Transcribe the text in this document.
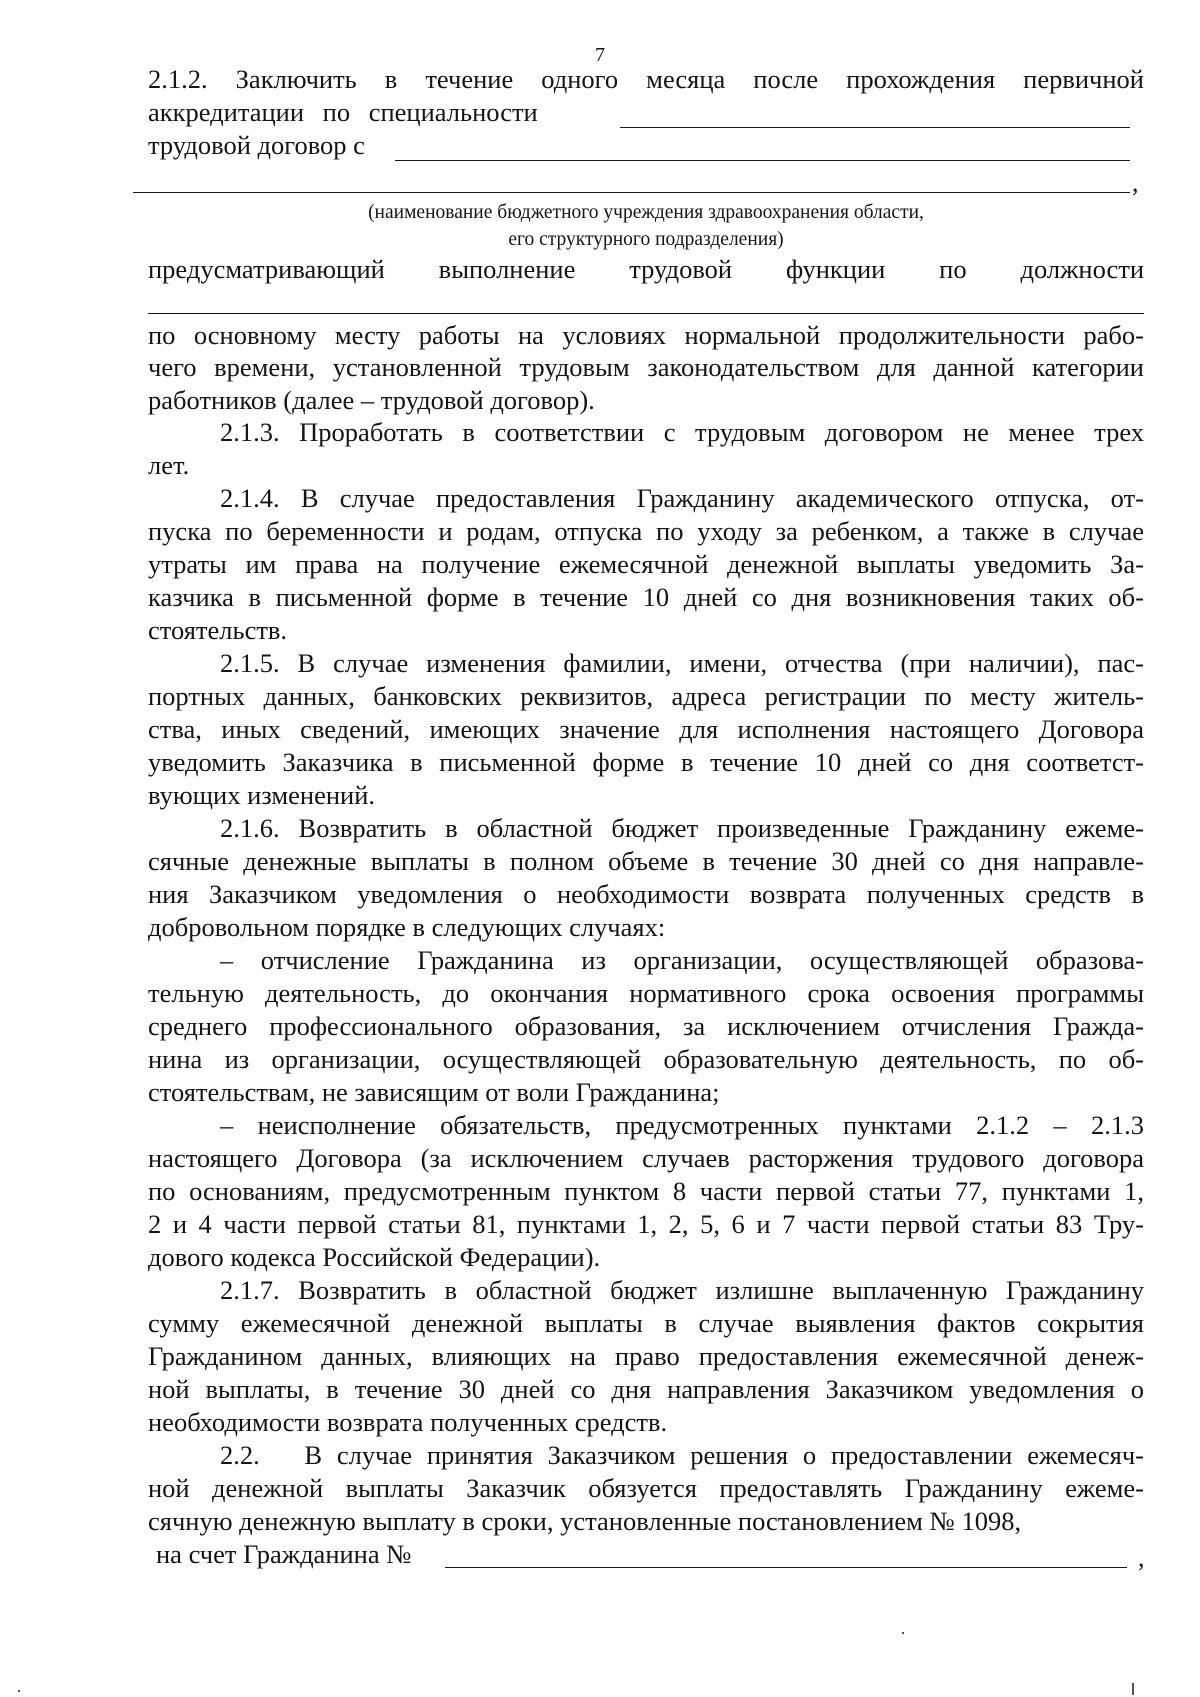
7
2.1.2. Заключить в течение одного месяца после прохождения первичной
аккредитации по специальности
трудовой договор с
,
(наименование бюджетного учреждения здравоохранения области,
его структурного подразделения)
предусматривающий выполнение трудовой функции по должности
по основному месту работы на условиях нормальной продолжительности рабо-
чего времени, установленной трудовым законодательством для данной категории
работников (далее – трудовой договор).
2.1.3. Проработать в соответствии с трудовым договором не менее трех
лет.
2.1.4. В случае предоставления Гражданину академического отпуска, от-
пуска по беременности и родам, отпуска по уходу за ребенком, а также в случае
утраты им права на получение ежемесячной денежной выплаты уведомить За-
казчика в письменной форме в течение 10 дней со дня возникновения таких об-
стоятельств.
2.1.5. В случае изменения фамилии, имени, отчества (при наличии), пас-
портных данных, банковских реквизитов, адреса регистрации по месту житель-
ства, иных сведений, имеющих значение для исполнения настоящего Договора
уведомить Заказчика в письменной форме в течение 10 дней со дня соответст-
вующих изменений.
2.1.6. Возвратить в областной бюджет произведенные Гражданину ежеме-
сячные денежные выплаты в полном объеме в течение 30 дней со дня направле-
ния Заказчиком уведомления о необходимости возврата полученных средств в
добровольном порядке в следующих случаях:
– отчисление Гражданина из организации, осуществляющей образова-
тельную деятельность, до окончания нормативного срока освоения программы
среднего профессионального образования, за исключением отчисления Гражда-
нина из организации, осуществляющей образовательную деятельность, по об-
стоятельствам, не зависящим от воли Гражданина;
– неисполнение обязательств, предусмотренных пунктами 2.1.2 – 2.1.3
настоящего Договора (за исключением случаев расторжения трудового договора
по основаниям, предусмотренным пунктом 8 части первой статьи 77, пунктами 1,
2 и 4 части первой статьи 81, пунктами 1, 2, 5, 6 и 7 части первой статьи 83 Тру-
дового кодекса Российской Федерации).
2.1.7. Возвратить в областной бюджет излишне выплаченную Гражданину
сумму ежемесячной денежной выплаты в случае выявления фактов сокрытия
Гражданином данных, влияющих на право предоставления ежемесячной денеж-
ной выплаты, в течение 30 дней со дня направления Заказчиком уведомления о
необходимости возврата полученных средств.
2.2.   В случае принятия Заказчиком решения о предоставлении ежемесяч-
ной денежной выплаты Заказчик обязуется предоставлять Гражданину ежеме-
сячную денежную выплату в сроки, установленные постановлением № 1098,
на счет Гражданина №	,
